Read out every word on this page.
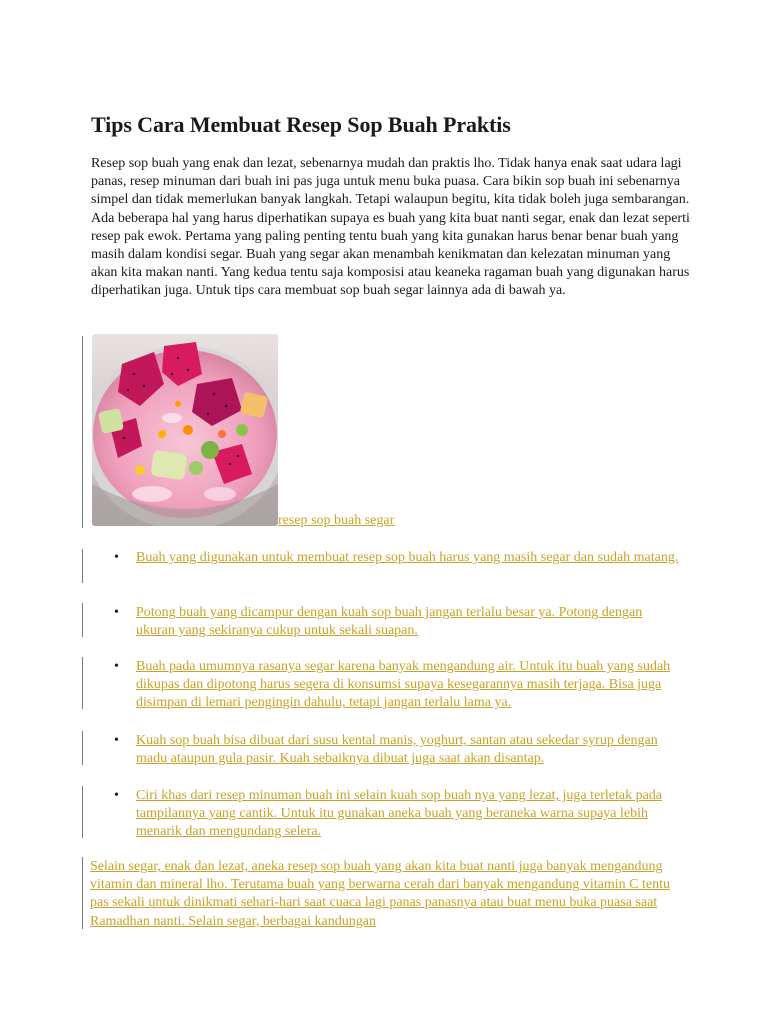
Tips Cara Membuat Resep Sop Buah Praktis

Resep sop buah yang enak dan lezat, sebenarnya mudah dan praktis lho. Tidak hanya enak saat udara lagi panas, resep minuman dari buah ini pas juga untuk menu buka puasa. Cara bikin sop buah ini sebenarnya simpel dan tidak memerlukan banyak langkah. Tetapi walaupun begitu, kita tidak boleh juga sembarangan. Ada beberapa hal yang harus diperhatikan supaya es buah yang kita buat nanti segar, enak dan lezat seperti resep pak ewok. Pertama yang paling penting tentu buah yang kita gunakan harus benar benar buah yang masih dalam kondisi segar. Buah yang segar akan menambah kenikmatan dan kelezatan minuman yang akan kita makan nanti. Yang kedua tentu saja komposisi atau keaneka ragaman buah yang digunakan harus diperhatikan juga. Untuk tips cara membuat sop buah segar lainnya ada di bawah ya.

resep sop buah segar
• Buah yang digunakan untuk membuat resep sop buah harus yang masih segar dan sudah matang.
• Potong buah yang dicampur dengan kuah sop buah jangan terlalu besar ya. Potong dengan ukuran yang sekiranya cukup untuk sekali suapan.
• Buah pada umumnya rasanya segar karena banyak mengandung air. Untuk itu buah yang sudah dikupas dan dipotong harus segera di konsumsi supaya kesegarannya masih terjaga. Bisa juga disimpan di lemari pengingin dahulu, tetapi jangan terlalu lama ya.
• Kuah sop buah bisa dibuat dari susu kental manis, yoghurt, santan atau sekedar syrup dengan madu ataupun gula pasir. Kuah sebaiknya dibuat juga saat akan disantap.
• Ciri khas dari resep minuman buah ini selain kuah sop buah nya yang lezat, juga terletak pada tampilannya yang cantik. Untuk itu gunakan aneka buah yang beraneka warna supaya lebih menarik dan mengundang selera.

Selain segar, enak dan lezat, aneka resep sop buah yang akan kita buat nanti juga banyak mengandung vitamin dan mineral lho. Terutama buah yang berwarna cerah dari banyak mengandung vitamin C tentu pas sekali untuk dinikmati sehari-hari saat cuaca lagi panas panasnya atau buat menu buka puasa saat Ramadhan nanti. Selain segar, berbagai kandungan
